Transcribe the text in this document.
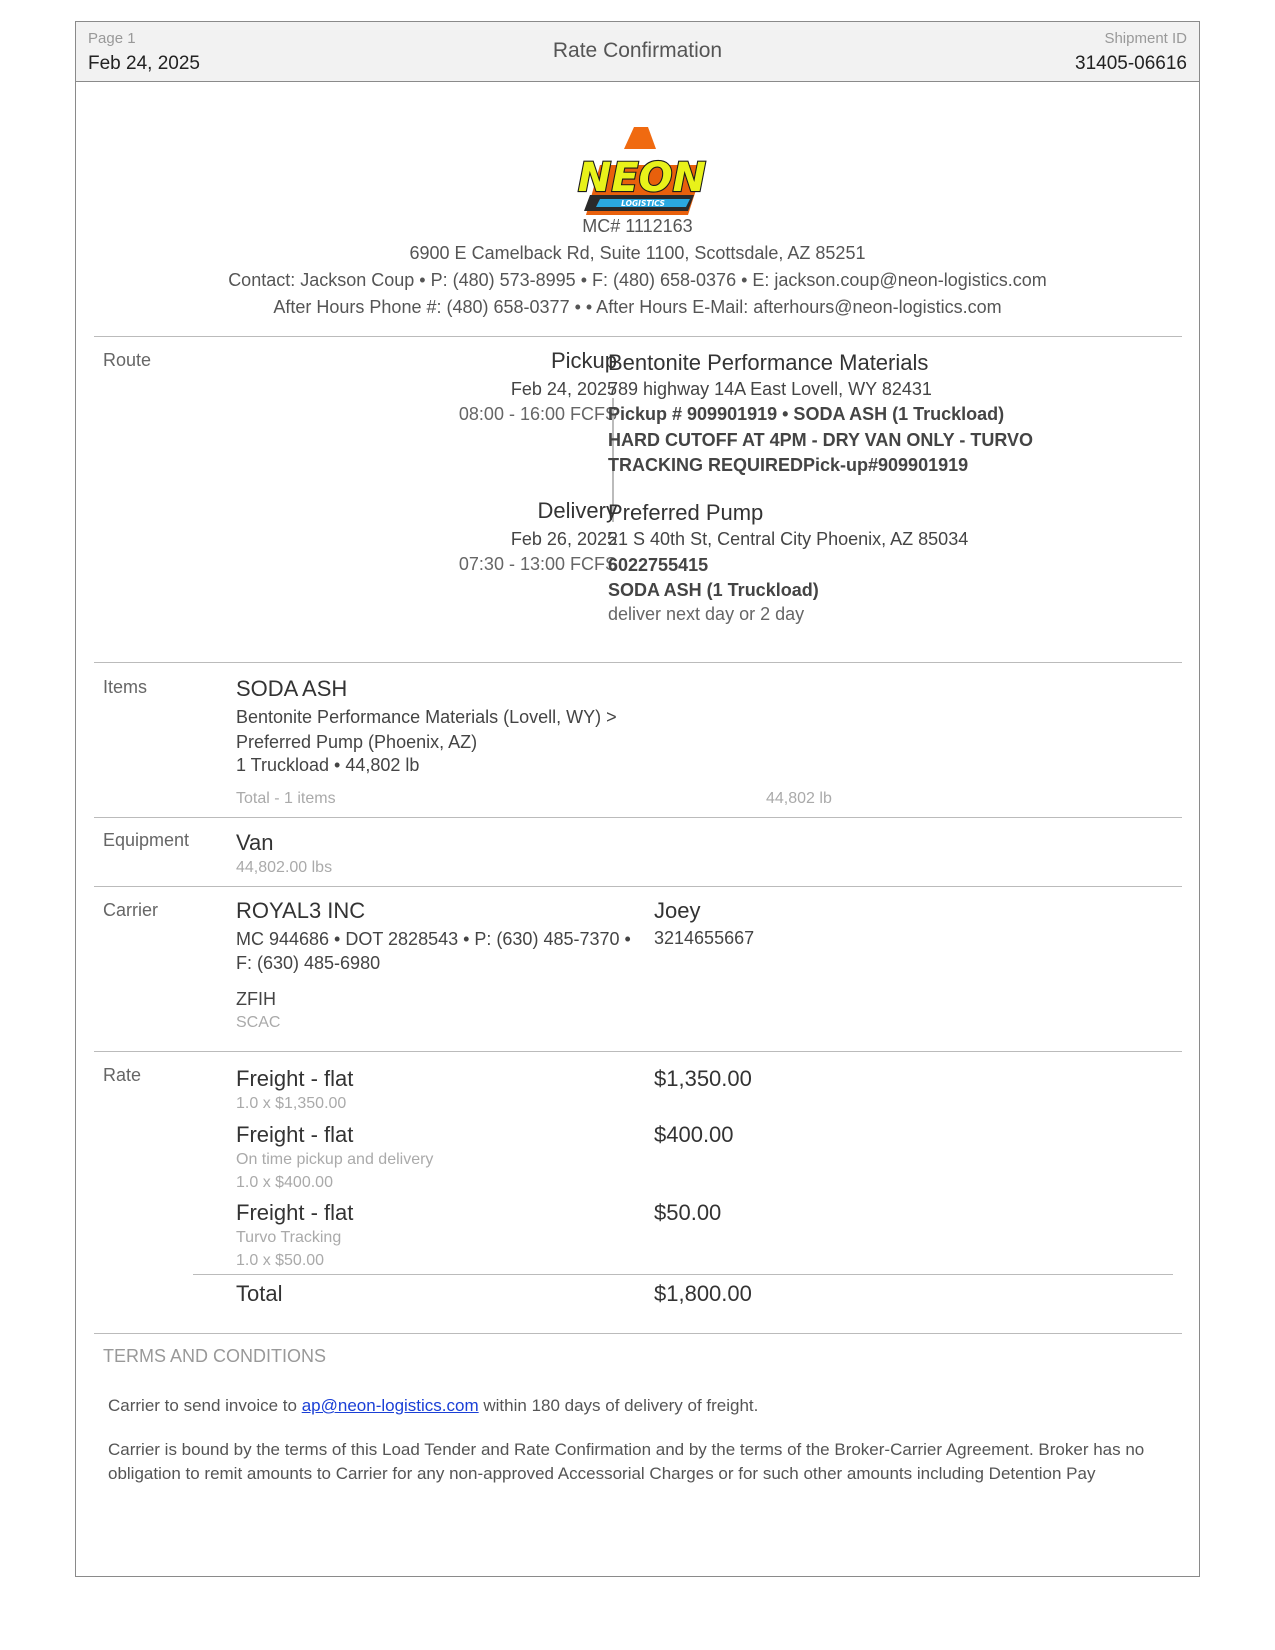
Page 1
Feb 24, 2025
Rate Confirmation
Shipment ID
31405-06616
LOGISTICS
NEON
MC# 1112163
6900 E Camelback Rd, Suite 1100, Scottsdale, AZ 85251
Contact: Jackson Coup • P: (480) 573-8995 • F: (480) 658-0376 • E: jackson.coup@neon-logistics.com
After Hours Phone #: (480) 658-0377 • • After Hours E-Mail: afterhours@neon-logistics.com
Route	Pickup
Feb 24, 2025
08:00 - 16:00 FCFS
Bentonite Performance Materials
789 highway 14A East Lovell, WY 82431
Pickup # 909901919 • SODA ASH (1 Truckload)
HARD CUTOFF AT 4PM - DRY VAN ONLY - TURVO TRACKING REQUIREDPick-up#909901919
Delivery
Feb 26, 2025
07:30 - 13:00 FCFS
Preferred Pump
21 S 40th St, Central City Phoenix, AZ 85034
6022755415
SODA ASH (1 Truckload)
deliver next day or 2 day
Items	SODA ASH
Bentonite Performance Materials (Lovell, WY) > Preferred Pump (Phoenix, AZ)
1 Truckload • 44,802 lb
Total - 1 items	44,802 lb
Equipment Van
44,802.00 lbs
Carrier	ROYAL3 INC
MC 944686 • DOT 2828543 • P: (630) 485-7370 • F: (630) 485-6980
ZFIH
SCAC
Joey
3214655667
Rate	Freight - flat
1.0 x $1,350.00
$1,350.00
Freight - flat
On time pickup and delivery
1.0 x $400.00
$400.00
Freight - flat
Turvo Tracking
1.0 x $50.00
$50.00
Total	$1,800.00
TERMS AND CONDITIONS
Carrier to send invoice to ap@neon-logistics.com within 180 days of delivery of freight.
Carrier is bound by the terms of this Load Tender and Rate Confirmation and by the terms of the Broker-Carrier Agreement. Broker has no obligation to remit amounts to Carrier for any non-approved Accessorial Charges or for such other amounts including Detention Pay
